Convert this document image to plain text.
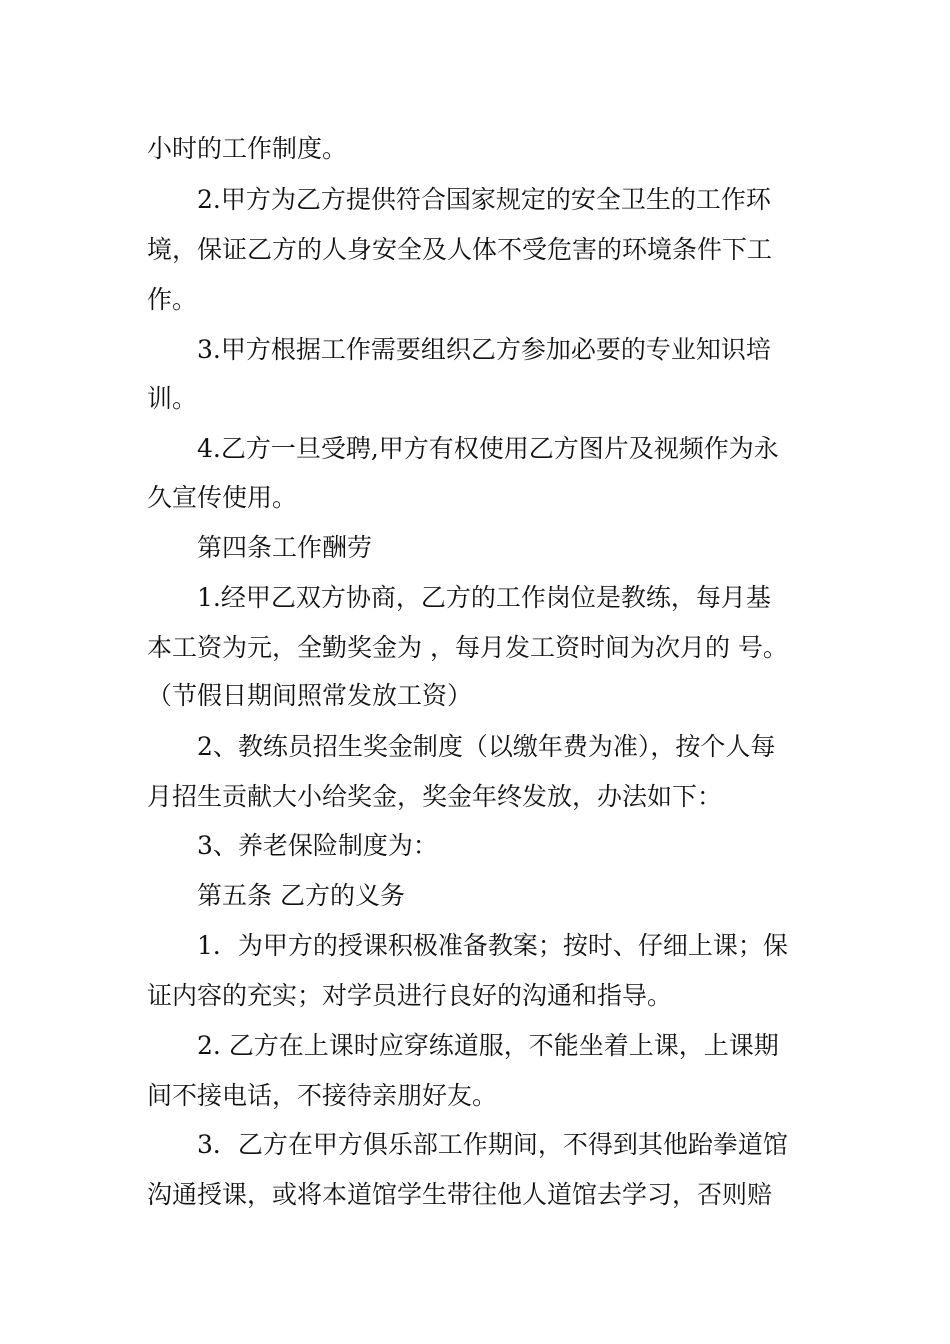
小时的工作制度。
2.甲方为乙方提供符合国家规定的安全卫生的工作环
境，保证乙方的人身安全及人体不受危害的环境条件下工
作。
3.甲方根据工作需要组织乙方参加必要的专业知识培
训。
4.乙方一旦受聘,甲方有权使用乙方图片及视频作为永
久宣传使用。
第四条工作酬劳
1.经甲乙双方协商，乙方的工作岗位是教练，每月基
本工资为元，全勤奖金为 ，每月发工资时间为次月的 号。
（节假日期间照常发放工资）
2、教练员招生奖金制度（以缴年费为准），按个人每
月招生贡献大小给奖金，奖金年终发放，办法如下：
3、养老保险制度为：
第五条 乙方的义务
1．为甲方的授课积极准备教案；按时、仔细上课；保
证内容的充实；对学员进行良好的沟通和指导。
2. 乙方在上课时应穿练道服，不能坐着上课，上课期
间不接电话，不接待亲朋好友。
3．乙方在甲方俱乐部工作期间，不得到其他跆拳道馆
沟通授课，或将本道馆学生带往他人道馆去学习，否则赔
